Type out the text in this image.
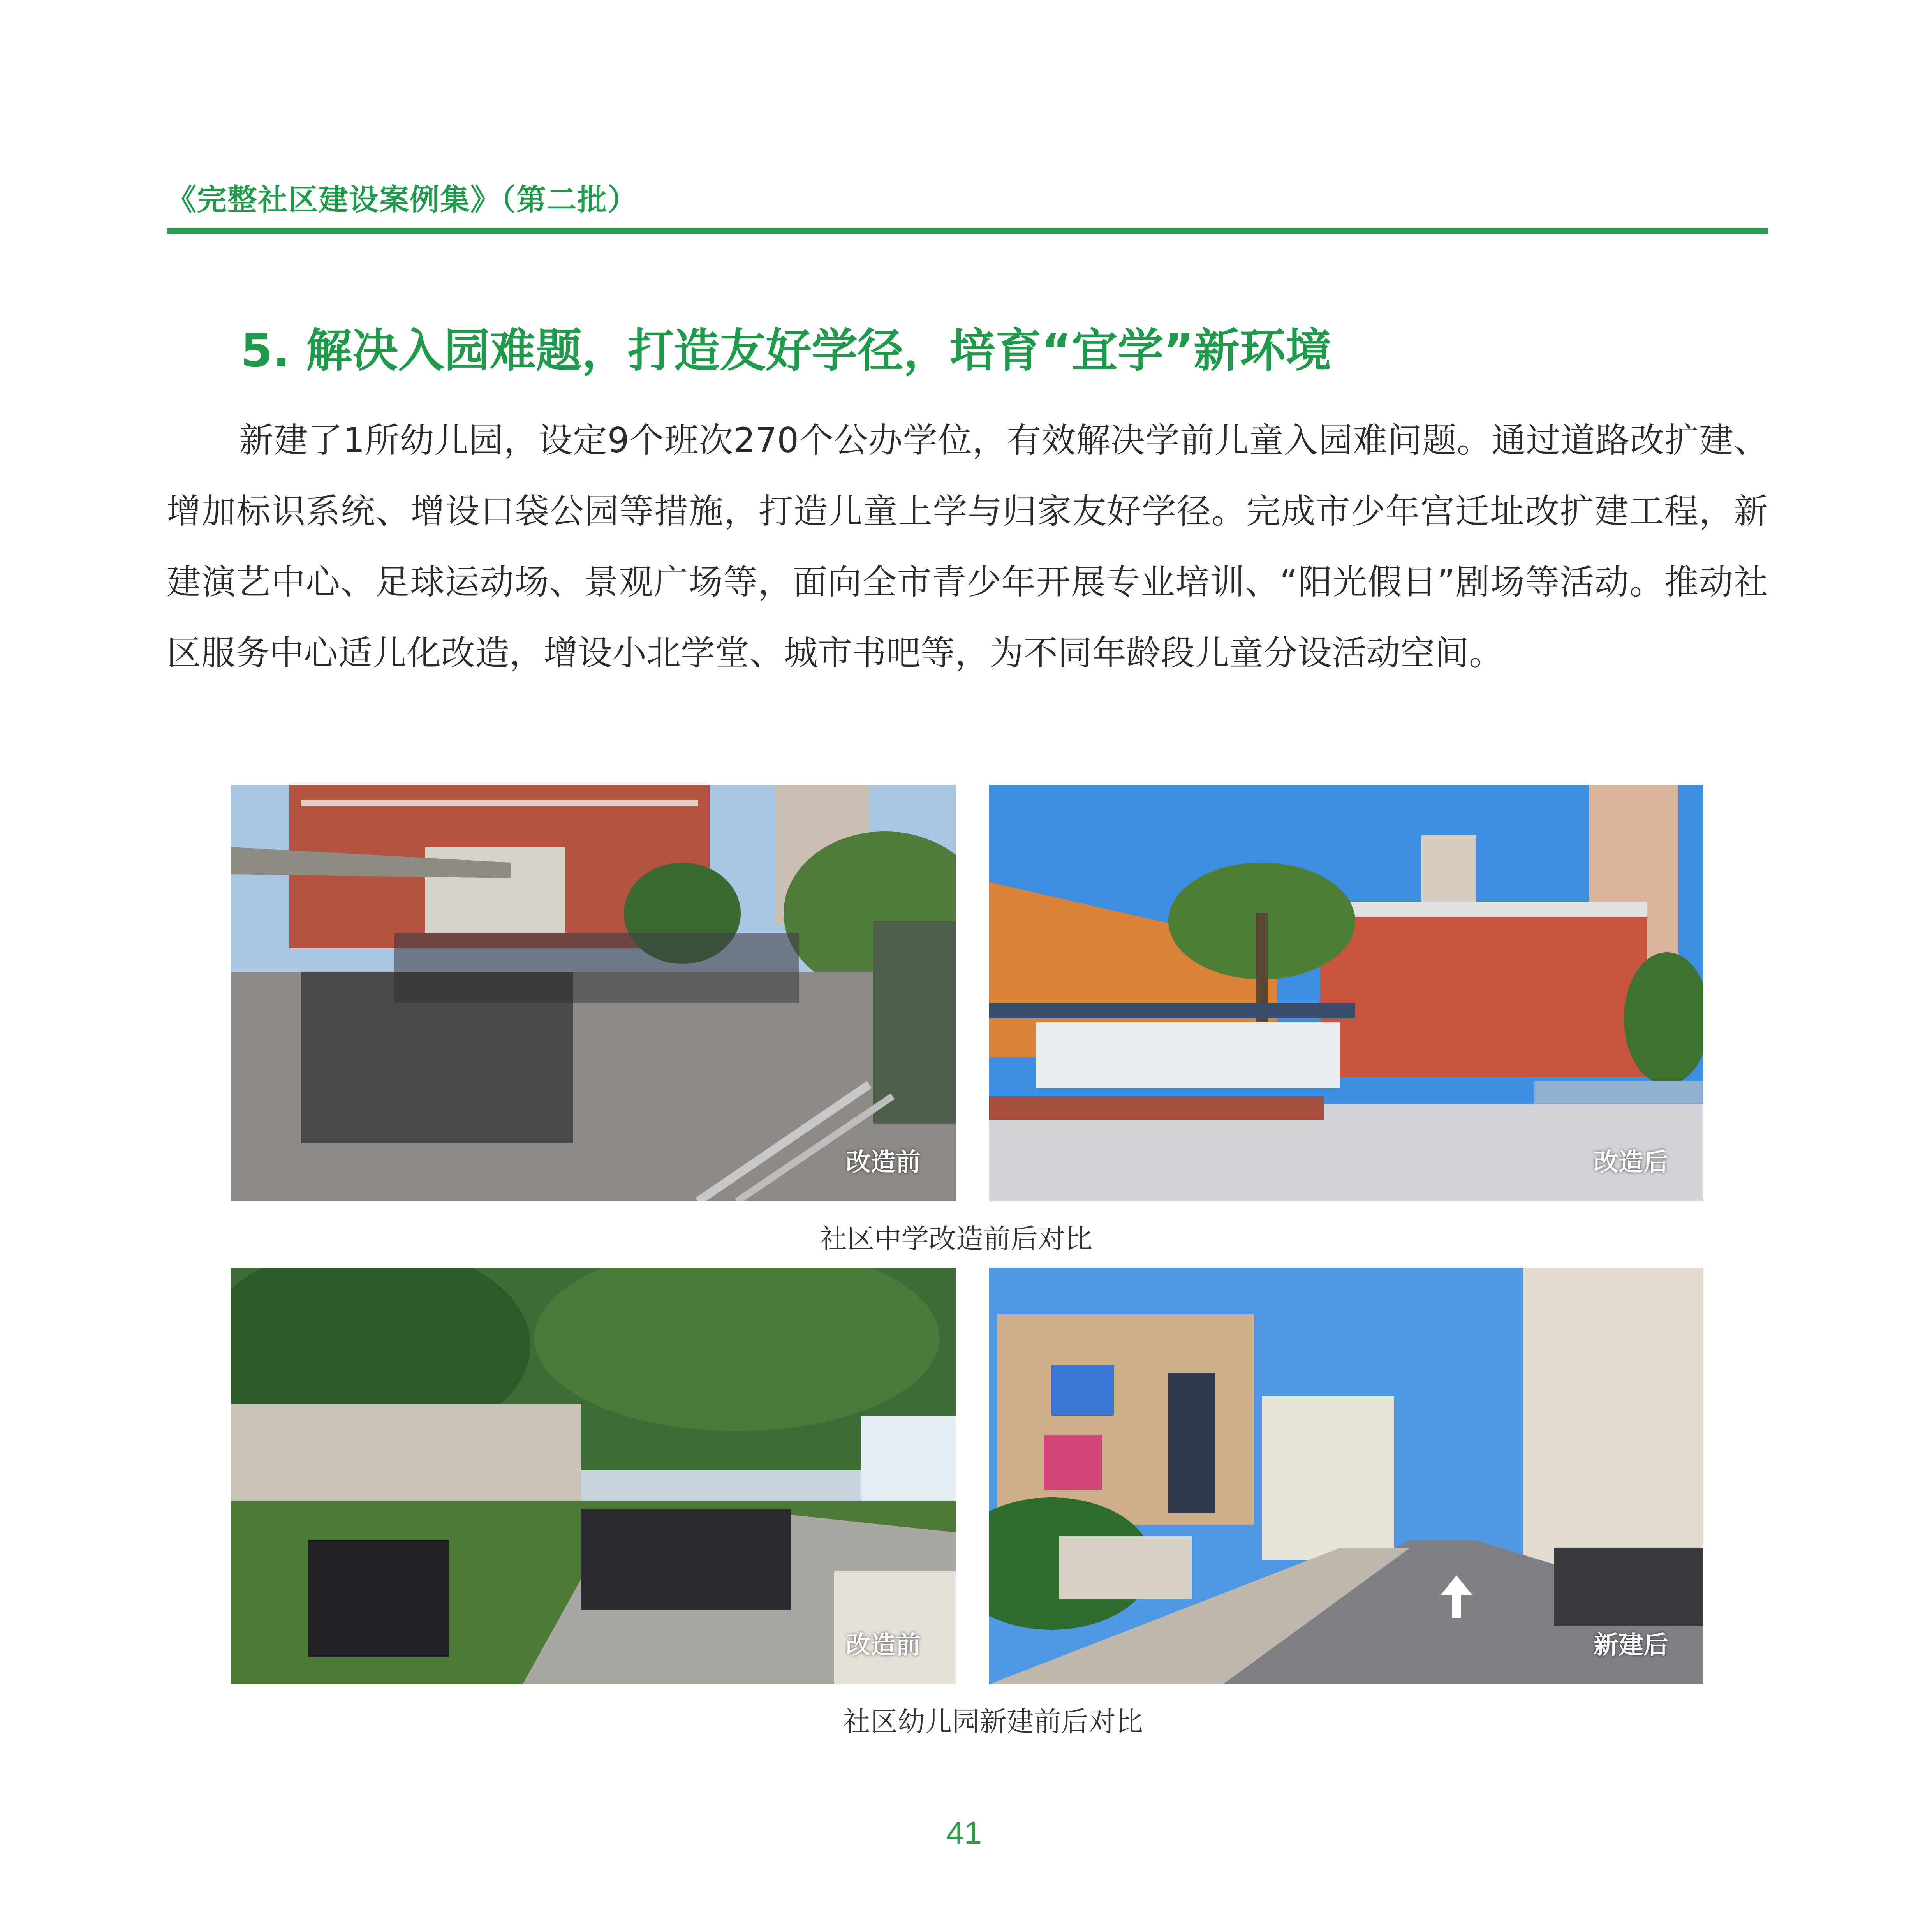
《完整社区建设案例集》（第二批）
5. 解决入园难题，打造友好学径，培育“宜学”新环境
新建了1所幼儿园，设定9个班次270个公办学位，有效解决学前儿童入园难问题。通过道路改扩建、增加标识系统、增设口袋公园等措施，打造儿童上学与归家友好学径。完成市少年宫迁址改扩建工程，新建演艺中心、足球运动场、景观广场等，面向全市青少年开展专业培训、“阳光假日”剧场等活动。推动社区服务中心适儿化改造，增设小北学堂、城市书吧等，为不同年龄段儿童分设活动空间。
改造前	改造后
社区中学改造前后对比
改造前	新建后
社区幼儿园新建前后对比
41
